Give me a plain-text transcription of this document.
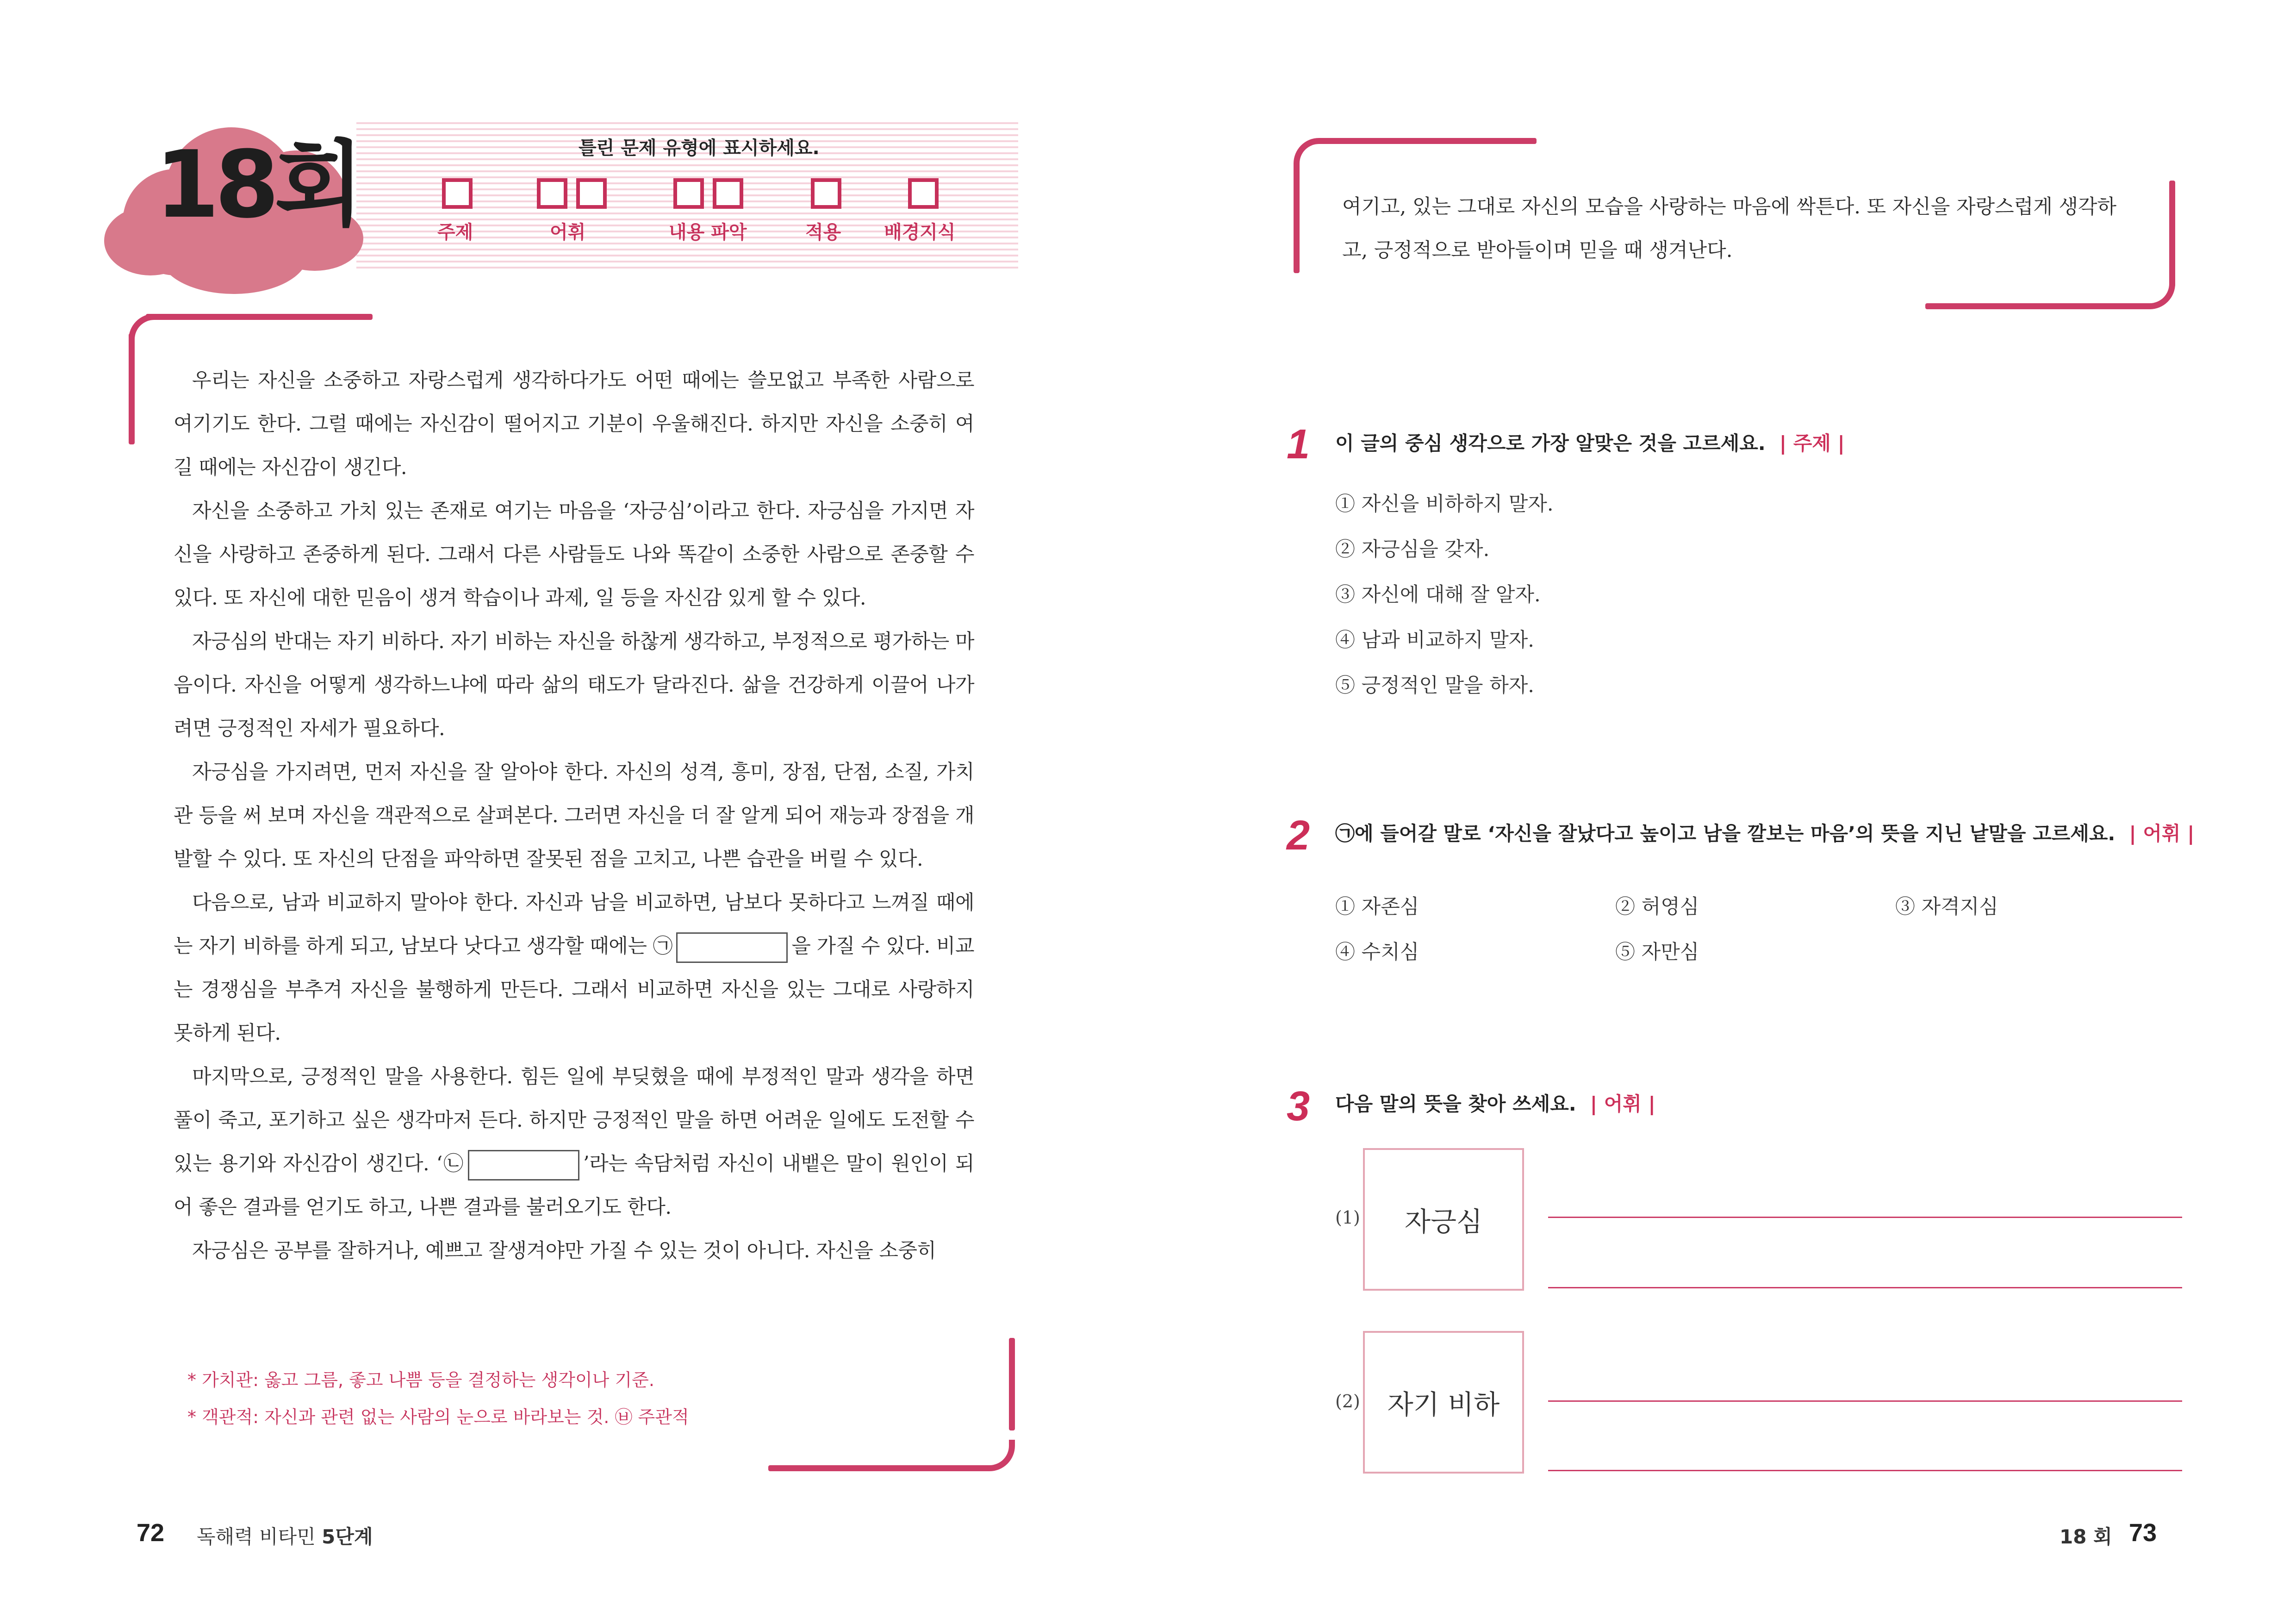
18회	틀린 문제 유형에 표시하세요.
주제	어휘	내용 파악	적용 배경지식

우리는 자신을 소중하고 자랑스럽게 생각하다가도 어떤 때에는 쓸모없고 부족한 사람으로 여기기도 한다. 그럴 때에는 자신감이 떨어지고 기분이 우울해진다. 하지만 자신을 소중히 여길 때에는 자신감이 생긴다.

자신을 소중하고 가치 있는 존재로 여기는 마음을 ‘자긍심’이라고 한다. 자긍심을 가지면 자신을 사랑하고 존중하게 된다. 그래서 다른 사람들도 나와 똑같이 소중한 사람으로 존중할 수 있다. 또 자신에 대한 믿음이 생겨 학습이나 과제, 일 등을 자신감 있게 할 수 있다.

자긍심의 반대는 자기 비하다. 자기 비하는 자신을 하찮게 생각하고, 부정적으로 평가하는 마음이다. 자신을 어떻게 생각하느냐에 따라 삶의 태도가 달라진다. 삶을 건강하게 이끌어 나가려면 긍정적인 자세가 필요하다.

자긍심을 가지려면, 먼저 자신을 잘 알아야 한다. 자신의 성격, 흥미, 장점, 단점, 소질, 가치관 등을 써 보며 자신을 객관적으로 살펴본다. 그러면 자신을 더 잘 알게 되어 재능과 장점을 개발할 수 있다. 또 자신의 단점을 파악하면 잘못된 점을 고치고, 나쁜 습관을 버릴 수 있다.

다음으로, 남과 비교하지 말아야 한다. 자신과 남을 비교하면, 남보다 못하다고 느껴질 때에는 자기 비하를 하게 되고, 남보다 낫다고 생각할 때에는 ㉠	을 가질 수 있다. 비교는 경쟁심을 부추겨 자신을 불행하게 만든다. 그래서 비교하면 자신을 있는 그대로 사랑하지 못하게 된다.

마지막으로, 긍정적인 말을 사용한다. 힘든 일에 부딪혔을 때에 부정적인 말과 생각을 하면 풀이 죽고, 포기하고 싶은 생각마저 든다. 하지만 긍정적인 말을 하면 어려운 일에도 도전할 수 있는 용기와 자신감이 생긴다. ‘㉡	’라는 속담처럼 자신이 내뱉은 말이 원인이 되어 좋은 결과를 얻기도 하고, 나쁜 결과를 불러오기도 한다.

자긍심은 공부를 잘하거나, 예쁘고 잘생겨야만 가질 수 있는 것이 아니다. 자신을 소중히

* 가치관: 옳고 그름, 좋고 나쁨 등을 결정하는 생각이나 기준.
* 객관적: 자신과 관련 없는 사람의 눈으로 바라보는 것. ㉥ 주관적
여기고, 있는 그대로 자신의 모습을 사랑하는 마음에 싹튼다. 또 자신을 자랑스럽게 생각하고, 긍정적으로 받아들이며 믿을 때 생겨난다.
1 이 글의 중심 생각으로 가장 알맞은 것을 고르세요. | 주제 |
① 자신을 비하하지 말자.
② 자긍심을 갖자.
③ 자신에 대해 잘 알자.
④ 남과 비교하지 말자.
⑤ 긍정적인 말을 하자.
2 ㉠에 들어갈 말로 ‘자신을 잘났다고 높이고 남을 깔보는 마음’의 뜻을 지닌 낱말을 고르세요. | 어휘 |
① 자존심	② 허영심	③ 자격지심
④ 수치심	⑤ 자만심
3 다음 말의 뜻을 찾아 쓰세요. | 어휘 |
(1)	자긍심
(2)	자기 비하
72 독해력 비타민 5단계	18 회 73
